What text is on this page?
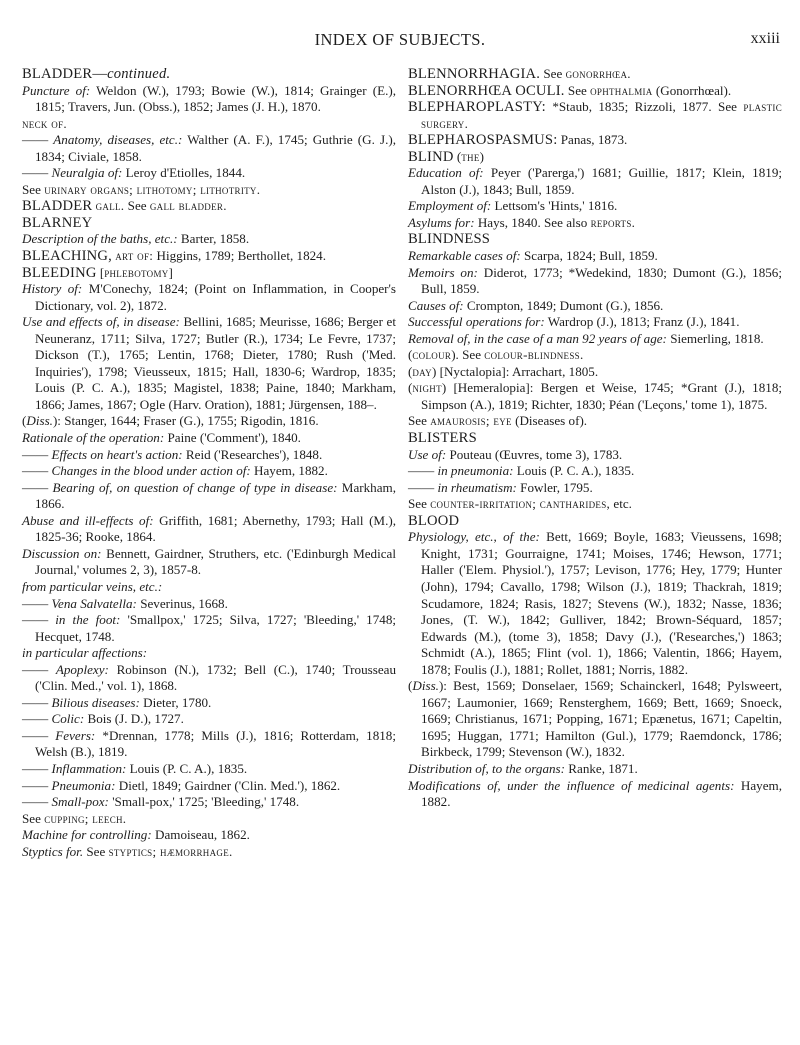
INDEX OF SUBJECTS.	xxiii

BLADDER—continued.

Puncture of: Weldon (W.), 1793; Bowie (W.), 1814; Grainger (E.), 1815; Travers, Jun. (Obss.), 1852; James (J. H.), 1870.

neck of.

—— Anatomy, diseases, etc.: Walther (A. F.), 1745; Guthrie (G. J.), 1834; Civiale, 1858.

—— Neuralgia of: Leroy d'Etiolles, 1844.

See urinary organs; lithotomy; lithotrity.

BLADDER gall. See gall bladder.

BLARNEY

Description of the baths, etc.: Barter, 1858.

BLEACHING, art of: Higgins, 1789; Berthollet, 1824.

BLEEDING [phlebotomy]

History of: M'Conechy, 1824; (Point on Inflammation, in Cooper's Dictionary, vol. 2), 1872.

Use and effects of, in disease: Bellini, 1685; Meurisse, 1686; Berger et Neuneranz, 1711; Silva, 1727; Butler (R.), 1734; Le Fevre, 1737; Dickson (T.), 1765; Lentin, 1768; Dieter, 1780; Rush ('Med. Inquiries'), 1798; Vieusseux, 1815; Hall, 1830-6; Wardrop, 1835; Louis (P. C. A.), 1835; Magistel, 1838; Paine, 1840; Markham, 1866; James, 1867; Ogle (Harv. Oration), 1881; Jürgensen, 188–.

(Diss.): Stanger, 1644; Fraser (G.), 1755; Rigodin, 1816.

Rationale of the operation: Paine ('Comment'), 1840.

—— Effects on heart's action: Reid ('Researches'), 1848.

—— Changes in the blood under action of: Hayem, 1882.

—— Bearing of, on question of change of type in disease: Markham, 1866.

Abuse and ill-effects of: Griffith, 1681; Abernethy, 1793; Hall (M.), 1825-36; Rooke, 1864.

Discussion on: Bennett, Gairdner, Struthers, etc. ('Edinburgh Medical Journal,' volumes 2, 3), 1857-8.

from particular veins, etc.:

—— Vena Salvatella: Severinus, 1668.

—— in the foot: 'Smallpox,' 1725; Silva, 1727; 'Bleeding,' 1748; Hecquet, 1748.

in particular affections:

—— Apoplexy: Robinson (N.), 1732; Bell (C.), 1740; Trousseau ('Clin. Med.,' vol. 1), 1868.

—— Bilious diseases: Dieter, 1780.

—— Colic: Bois (J. D.), 1727.

—— Fevers: *Drennan, 1778; Mills (J.), 1816; Rotterdam, 1818; Welsh (B.), 1819.

—— Inflammation: Louis (P. C. A.), 1835.

—— Pneumonia: Dietl, 1849; Gairdner ('Clin. Med.'), 1862.

—— Small-pox: 'Small-pox,' 1725; 'Bleeding,' 1748.

See cupping; leech.

Machine for controlling: Damoiseau, 1862.

Styptics for. See styptics; hæmorrhage.

BLENNORRHAGIA. See gonorrhœa.

BLENORRHŒA OCULI. See ophthalmia (Gonorrhœal).

BLEPHAROPLASTY: *Staub, 1835; Rizzoli, 1877. See plastic surgery.

BLEPHAROSPASMUS: Panas, 1873.

BLIND (the)

Education of: Peyer ('Parerga,') 1681; Guillie, 1817; Klein, 1819; Alston (J.), 1843; Bull, 1859.

Employment of: Lettsom's 'Hints,' 1816.

Asylums for: Hays, 1840. See also reports.

BLINDNESS

Remarkable cases of: Scarpa, 1824; Bull, 1859.

Memoirs on: Diderot, 1773; *Wedekind, 1830; Dumont (G.), 1856; Bull, 1859.

Causes of: Crompton, 1849; Dumont (G.), 1856.

Successful operations for: Wardrop (J.), 1813; Franz (J.), 1841.

Removal of, in the case of a man 92 years of age: Siemerling, 1818.

(colour). See colour-blindness.

(day) [Nyctalopia]: Arrachart, 1805.

(night) [Hemeralopia]: Bergen et Weise, 1745; *Grant (J.), 1818; Simpson (A.), 1819; Richter, 1830; Péan ('Leçons,' tome 1), 1875.

See amaurosis; eye (Diseases of).

BLISTERS

Use of: Pouteau (Œuvres, tome 3), 1783.

—— in pneumonia: Louis (P. C. A.), 1835.

—— in rheumatism: Fowler, 1795.

See counter-irritation; cantharides, etc.

BLOOD

Physiology, etc., of the: Bett, 1669; Boyle, 1683; Vieussens, 1698; Knight, 1731; Gourraigne, 1741; Moises, 1746; Hewson, 1771; Haller ('Elem. Physiol.'), 1757; Levison, 1776; Hey, 1779; Hunter (John), 1794; Cavallo, 1798; Wilson (J.), 1819; Thackrah, 1819; Scudamore, 1824; Rasis, 1827; Stevens (W.), 1832; Nasse, 1836; Jones, (T. W.), 1842; Gulliver, 1842; Brown-Séquard, 1857; Edwards (M.), (tome 3), 1858; Davy (J.), ('Researches,') 1863; Schmidt (A.), 1865; Flint (vol. 1), 1866; Valentin, 1866; Hayem, 1878; Foulis (J.), 1881; Rollet, 1881; Norris, 1882.

(Diss.): Best, 1569; Donselaer, 1569; Schainckerl, 1648; Pylsweert, 1667; Laumonier, 1669; Rensterghem, 1669; Bett, 1669; Snoeck, 1669; Christianus, 1671; Popping, 1671; Epænetus, 1671; Capeltin, 1695; Huggan, 1771; Hamilton (Gul.), 1779; Raemdonck, 1786; Birkbeck, 1799; Stevenson (W.), 1832.

Distribution of, to the organs: Ranke, 1871.

Modifications of, under the influence of medicinal agents: Hayem, 1882.
